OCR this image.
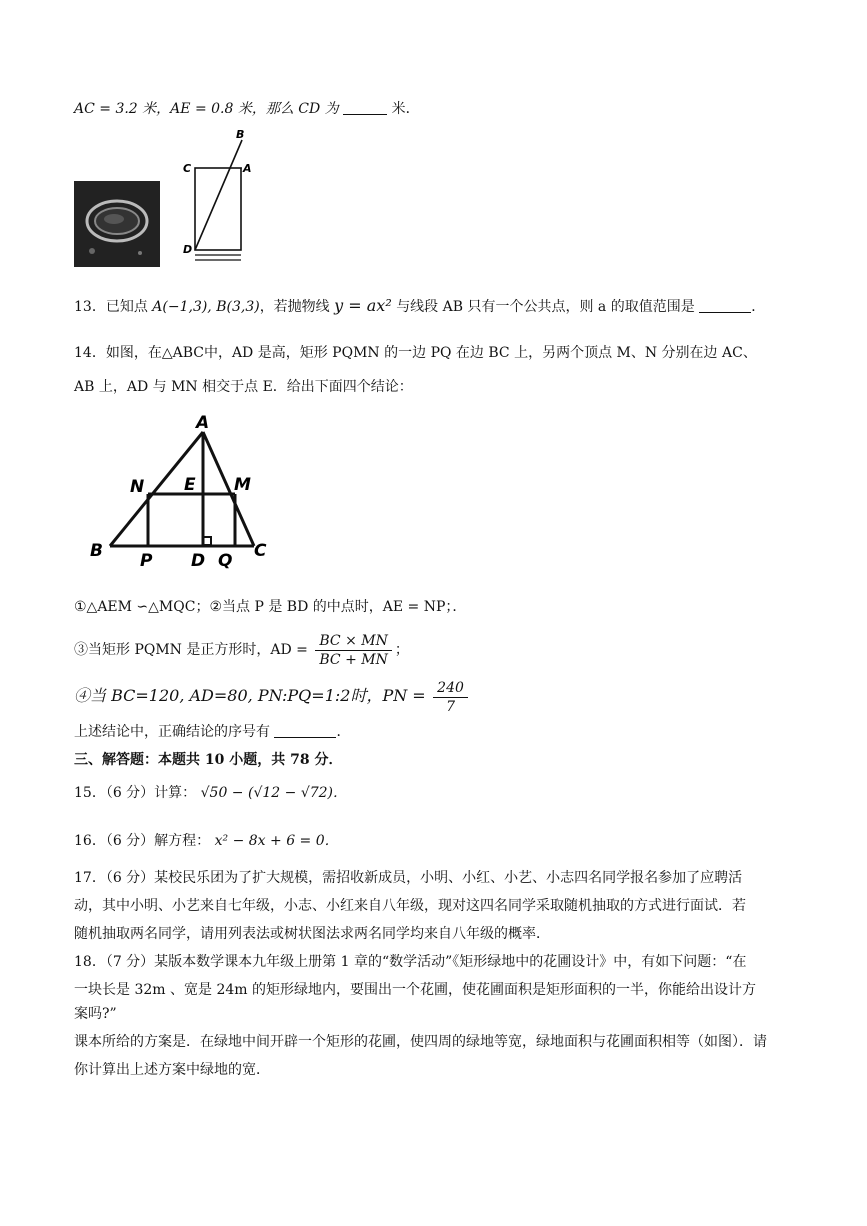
AC = 3.2 米，AE = 0.8 米，那么 CD 为	米．
B
C	A
D
13．已知点 A(−1,3), B(3,3)，若抛物线 y = ax² 与线段 AB 只有一个公共点，则 a 的取值范围是	．
14．如图，在△ABC中，AD 是高，矩形 PQMN 的一边 PQ 在边 BC 上，另两个顶点 M、N 分别在边 AC、
AB 上，AD 与 MN 相交于点 E．给出下面四个结论：
A
N E M
B P D Q C
①△AEM ∽△MQC；②当点 P 是 BD 的中点时，AE = NP；．
③当矩形 PQMN 是正方形时，AD = $\frac{BC \times MN}{BC + MN}$ ；
④当 BC=120, AD=80, PN:PQ=1:2时，PN = $\frac{240}{7}$
上述结论中，正确结论的序号有	．
三、解答题：本题共 10 小题，共 78 分．
15．（6 分）计算： √50 − (√12 − √72)．
16．（6 分）解方程： x² − 8x + 6 = 0．
17．（6 分）某校民乐团为了扩大规模，需招收新成员，小明、小红、小艺、小志四名同学报名参加了应聘活
动，其中小明、小艺来自七年级，小志、小红来自八年级，现对这四名同学采取随机抽取的方式进行面试．若
随机抽取两名同学，请用列表法或树状图法求两名同学均来自八年级的概率．
18．（7 分）某版本数学课本九年级上册第 1 章的“数学活动”《矩形绿地中的花圃设计》中，有如下问题：“在
一块长是 32m 、宽是 24m 的矩形绿地内，要围出一个花圃，使花圃面积是矩形面积的一半，你能给出设计方
案吗?”
课本所给的方案是．在绿地中间开辟一个矩形的花圃，使四周的绿地等宽，绿地面积与花圃面积相等（如图）．请
你计算出上述方案中绿地的宽．
